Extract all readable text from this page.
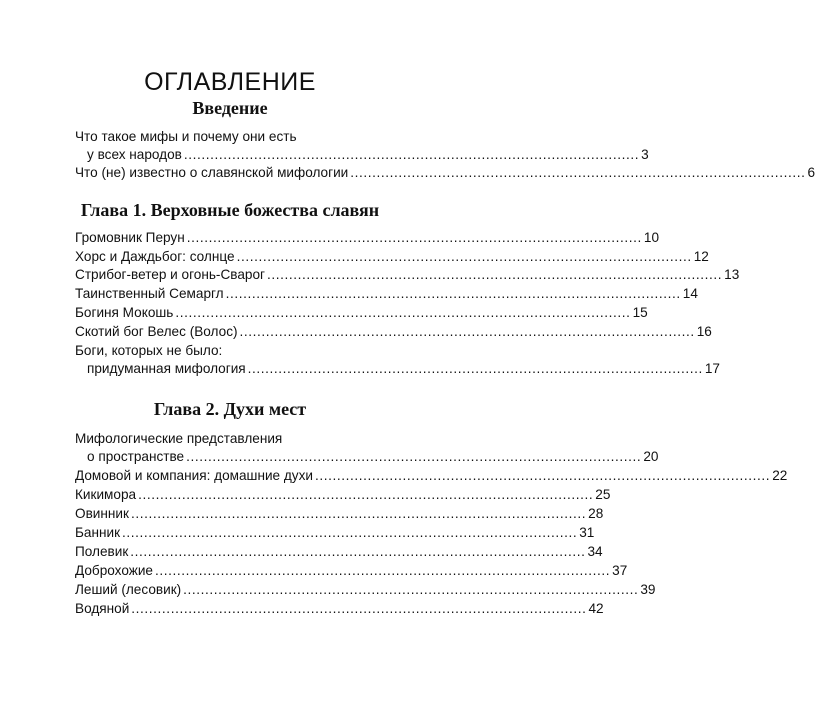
ОГЛАВЛЕНИЕ
Введение
Что такое мифы и почему они есть
у всех народов ........................................................................................................ 3
Что (не) известно о славянской мифологии ........................................................................................................ 6
Глава 1. Верховные божества славян
Громовник Перун ........................................................................................................ 10
Хорс и Даждьбог: солнце ........................................................................................................ 12
Стрибог-ветер и огонь-Сварог ........................................................................................................ 13
Таинственный Семаргл ........................................................................................................ 14
Богиня Мокошь ........................................................................................................ 15
Скотий бог Велес (Волос) ........................................................................................................ 16
Боги, которых не было:
придуманная мифология ........................................................................................................ 17
Глава 2. Духи мест
Мифологические представления
о пространстве ........................................................................................................ 20
Домовой и компания: домашние духи ........................................................................................................ 22
Кикимора ........................................................................................................ 25
Овинник ........................................................................................................ 28
Банник ........................................................................................................ 31
Полевик ........................................................................................................ 34
Доброхожие ........................................................................................................ 37
Леший (лесовик) ........................................................................................................ 39
Водяной ........................................................................................................ 42
